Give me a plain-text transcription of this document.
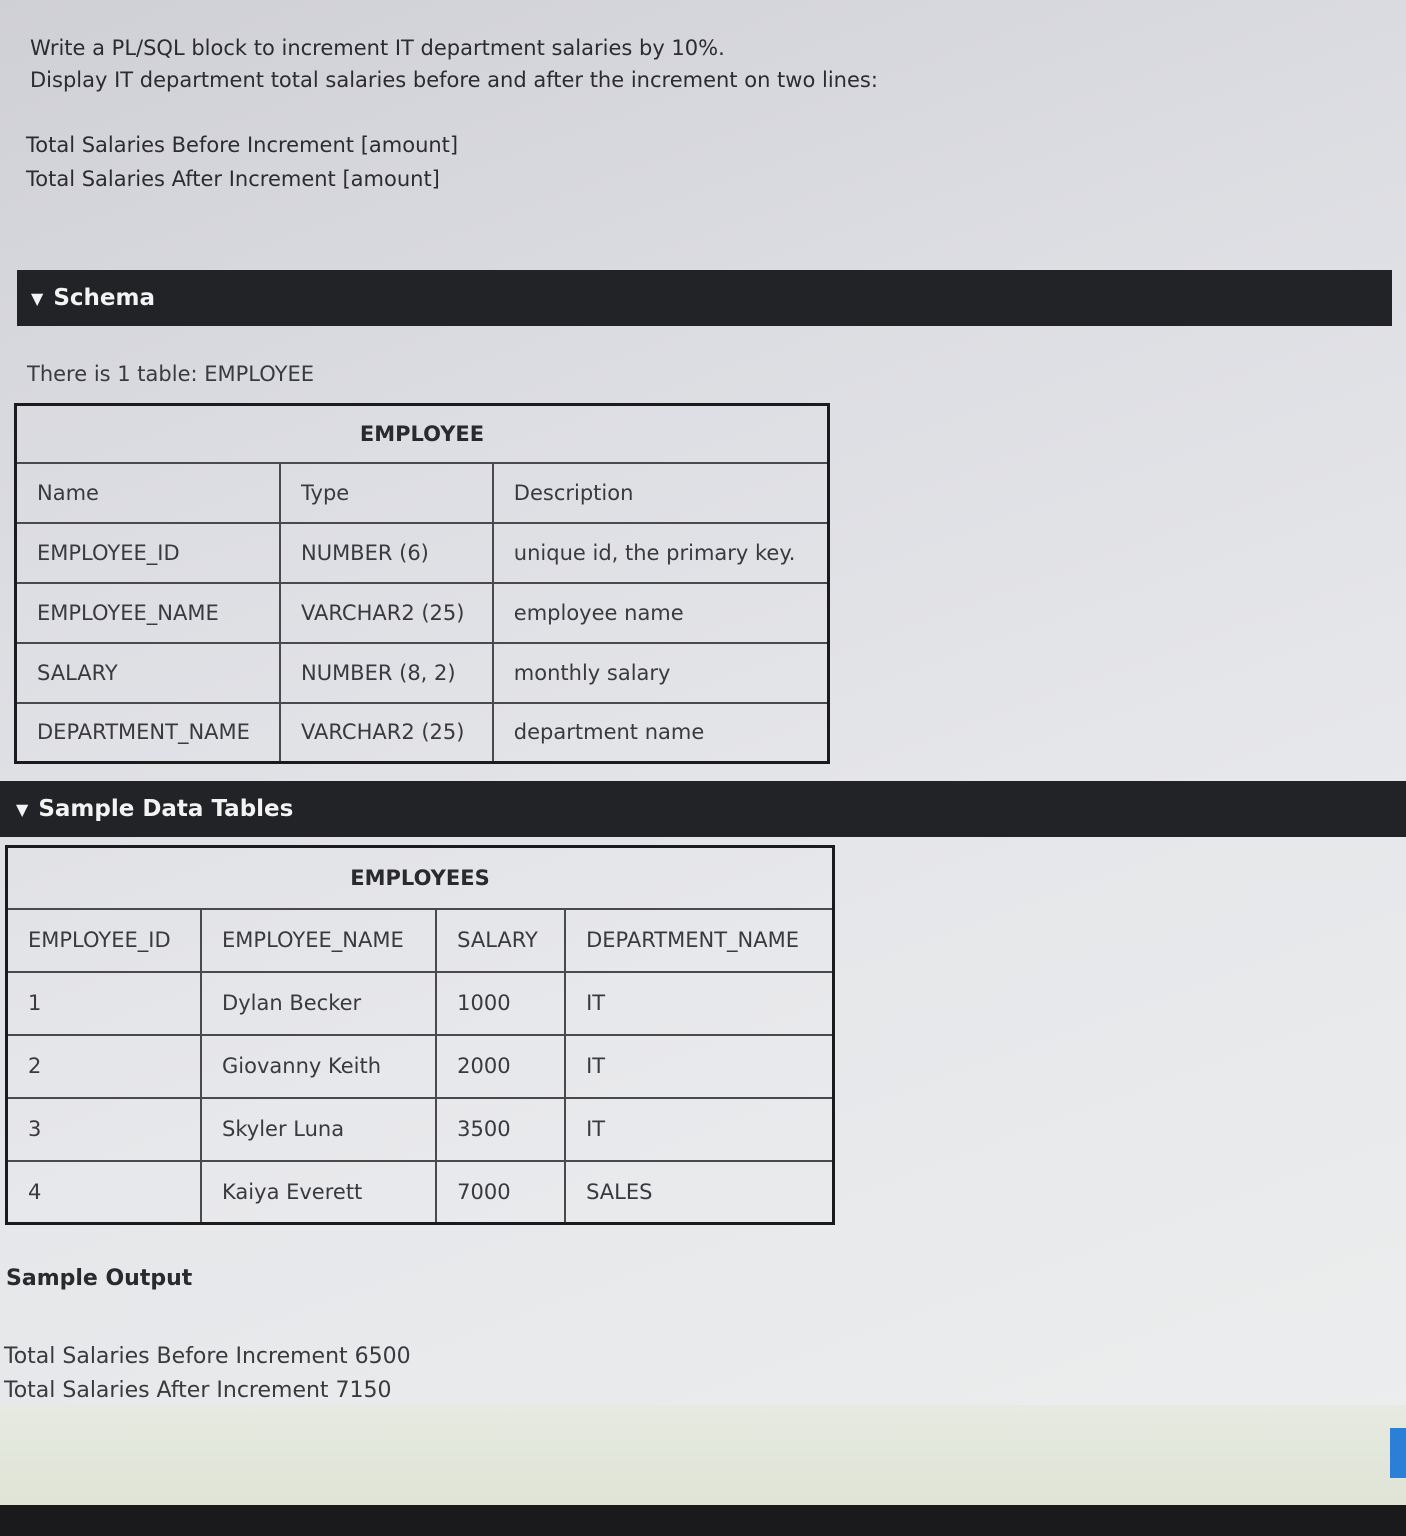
Write a PL/SQL block to increment IT department salaries by 10%.

Display IT department total salaries before and after the increment on two lines:

Total Salaries Before Increment [amount]

Total Salaries After Increment [amount]

▼ Schema
There is 1 table: EMPLOYEE
EMPLOYEE		
Name	Type	Description
EMPLOYEE_ID	NUMBER (6)	unique id, the primary key.
EMPLOYEE_NAME	VARCHAR2 (25)	employee name
SALARY	NUMBER (8, 2)	monthly salary
DEPARTMENT_NAME	VARCHAR2 (25)	department name
▼ Sample Data Tables
EMPLOYEES			
EMPLOYEE_ID	EMPLOYEE_NAME	SALARY	DEPARTMENT_NAME
1	Dylan Becker	1000	IT
2	Giovanny Keith	2000	IT
3	Skyler Luna	3500	IT
4	Kaiya Everett	7000	SALES
Sample Output

Total Salaries Before Increment 6500

Total Salaries After Increment 7150
